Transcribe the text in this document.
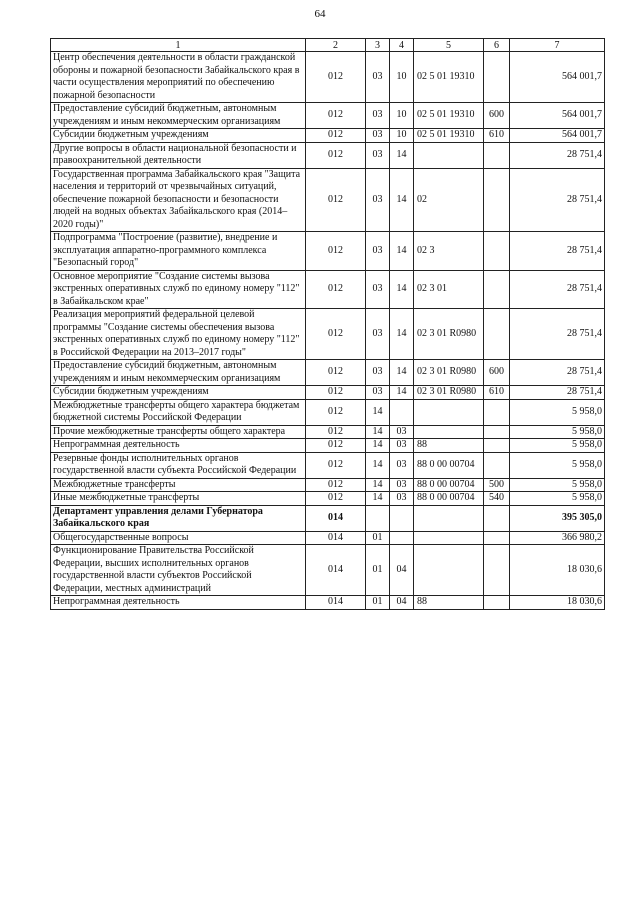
64
1	2	3	4	5	6	7
Центр обеспечения деятельности в области гражданской обороны и пожарной безопасности Забайкальского края в части осуществления мероприятий по обеспечению пожарной безопасности	012	03	10	02 5 01 19310		564 001,7
Предоставление субсидий бюджетным, автономным учреждениям и иным некоммерческим организациям	012	03	10	02 5 01 19310	600	564 001,7
Субсидии бюджетным учреждениям	012	03	10	02 5 01 19310	610	564 001,7
Другие вопросы в области национальной безопасности и правоохранительной деятельности	012	03	14			28 751,4
Государственная программа Забайкальского края "Защита населения и территорий от чрезвычайных ситуаций, обеспечение пожарной безопасности и безопасности людей на водных объектах Забайкальского края (2014–2020 годы)"	012	03	14	02		28 751,4
Подпрограмма "Построение (развитие), внедрение и эксплуатация аппаратно-программного комплекса "Безопасный город"	012	03	14	02 3		28 751,4
Основное мероприятие "Создание системы вызова экстренных оперативных служб по единому номеру "112" в Забайкальском крае"	012	03	14	02 3 01		28 751,4
Реализация мероприятий федеральной целевой программы "Создание системы обеспечения вызова экстренных оперативных служб по единому номеру "112" в Российской Федерации на 2013–2017 годы"	012	03	14	02 3 01 R0980		28 751,4
Предоставление субсидий бюджетным, автономным учреждениям и иным некоммерческим организациям	012	03	14	02 3 01 R0980	600	28 751,4
Субсидии бюджетным учреждениям	012	03	14	02 3 01 R0980	610	28 751,4
Межбюджетные трансферты общего характера бюджетам бюджетной системы Российской Федерации	012	14				5 958,0
Прочие межбюджетные трансферты общего характера	012	14	03			5 958,0
Непрограммная деятельность	012	14	03	88		5 958,0
Резервные фонды исполнительных органов государственной власти субъекта Российской Федерации	012	14	03	88 0 00 00704		5 958,0
Межбюджетные трансферты	012	14	03	88 0 00 00704	500	5 958,0
Иные межбюджетные трансферты	012	14	03	88 0 00 00704	540	5 958,0
Департамент управления делами Губернатора Забайкальского края	014					395 305,0
Общегосударственные вопросы	014	01				366 980,2
Функционирование Правительства Российской Федерации, высших исполнительных органов государственной власти субъектов Российской Федерации, местных администраций	014	01	04			18 030,6
Непрограммная деятельность	014	01	04	88		18 030,6
